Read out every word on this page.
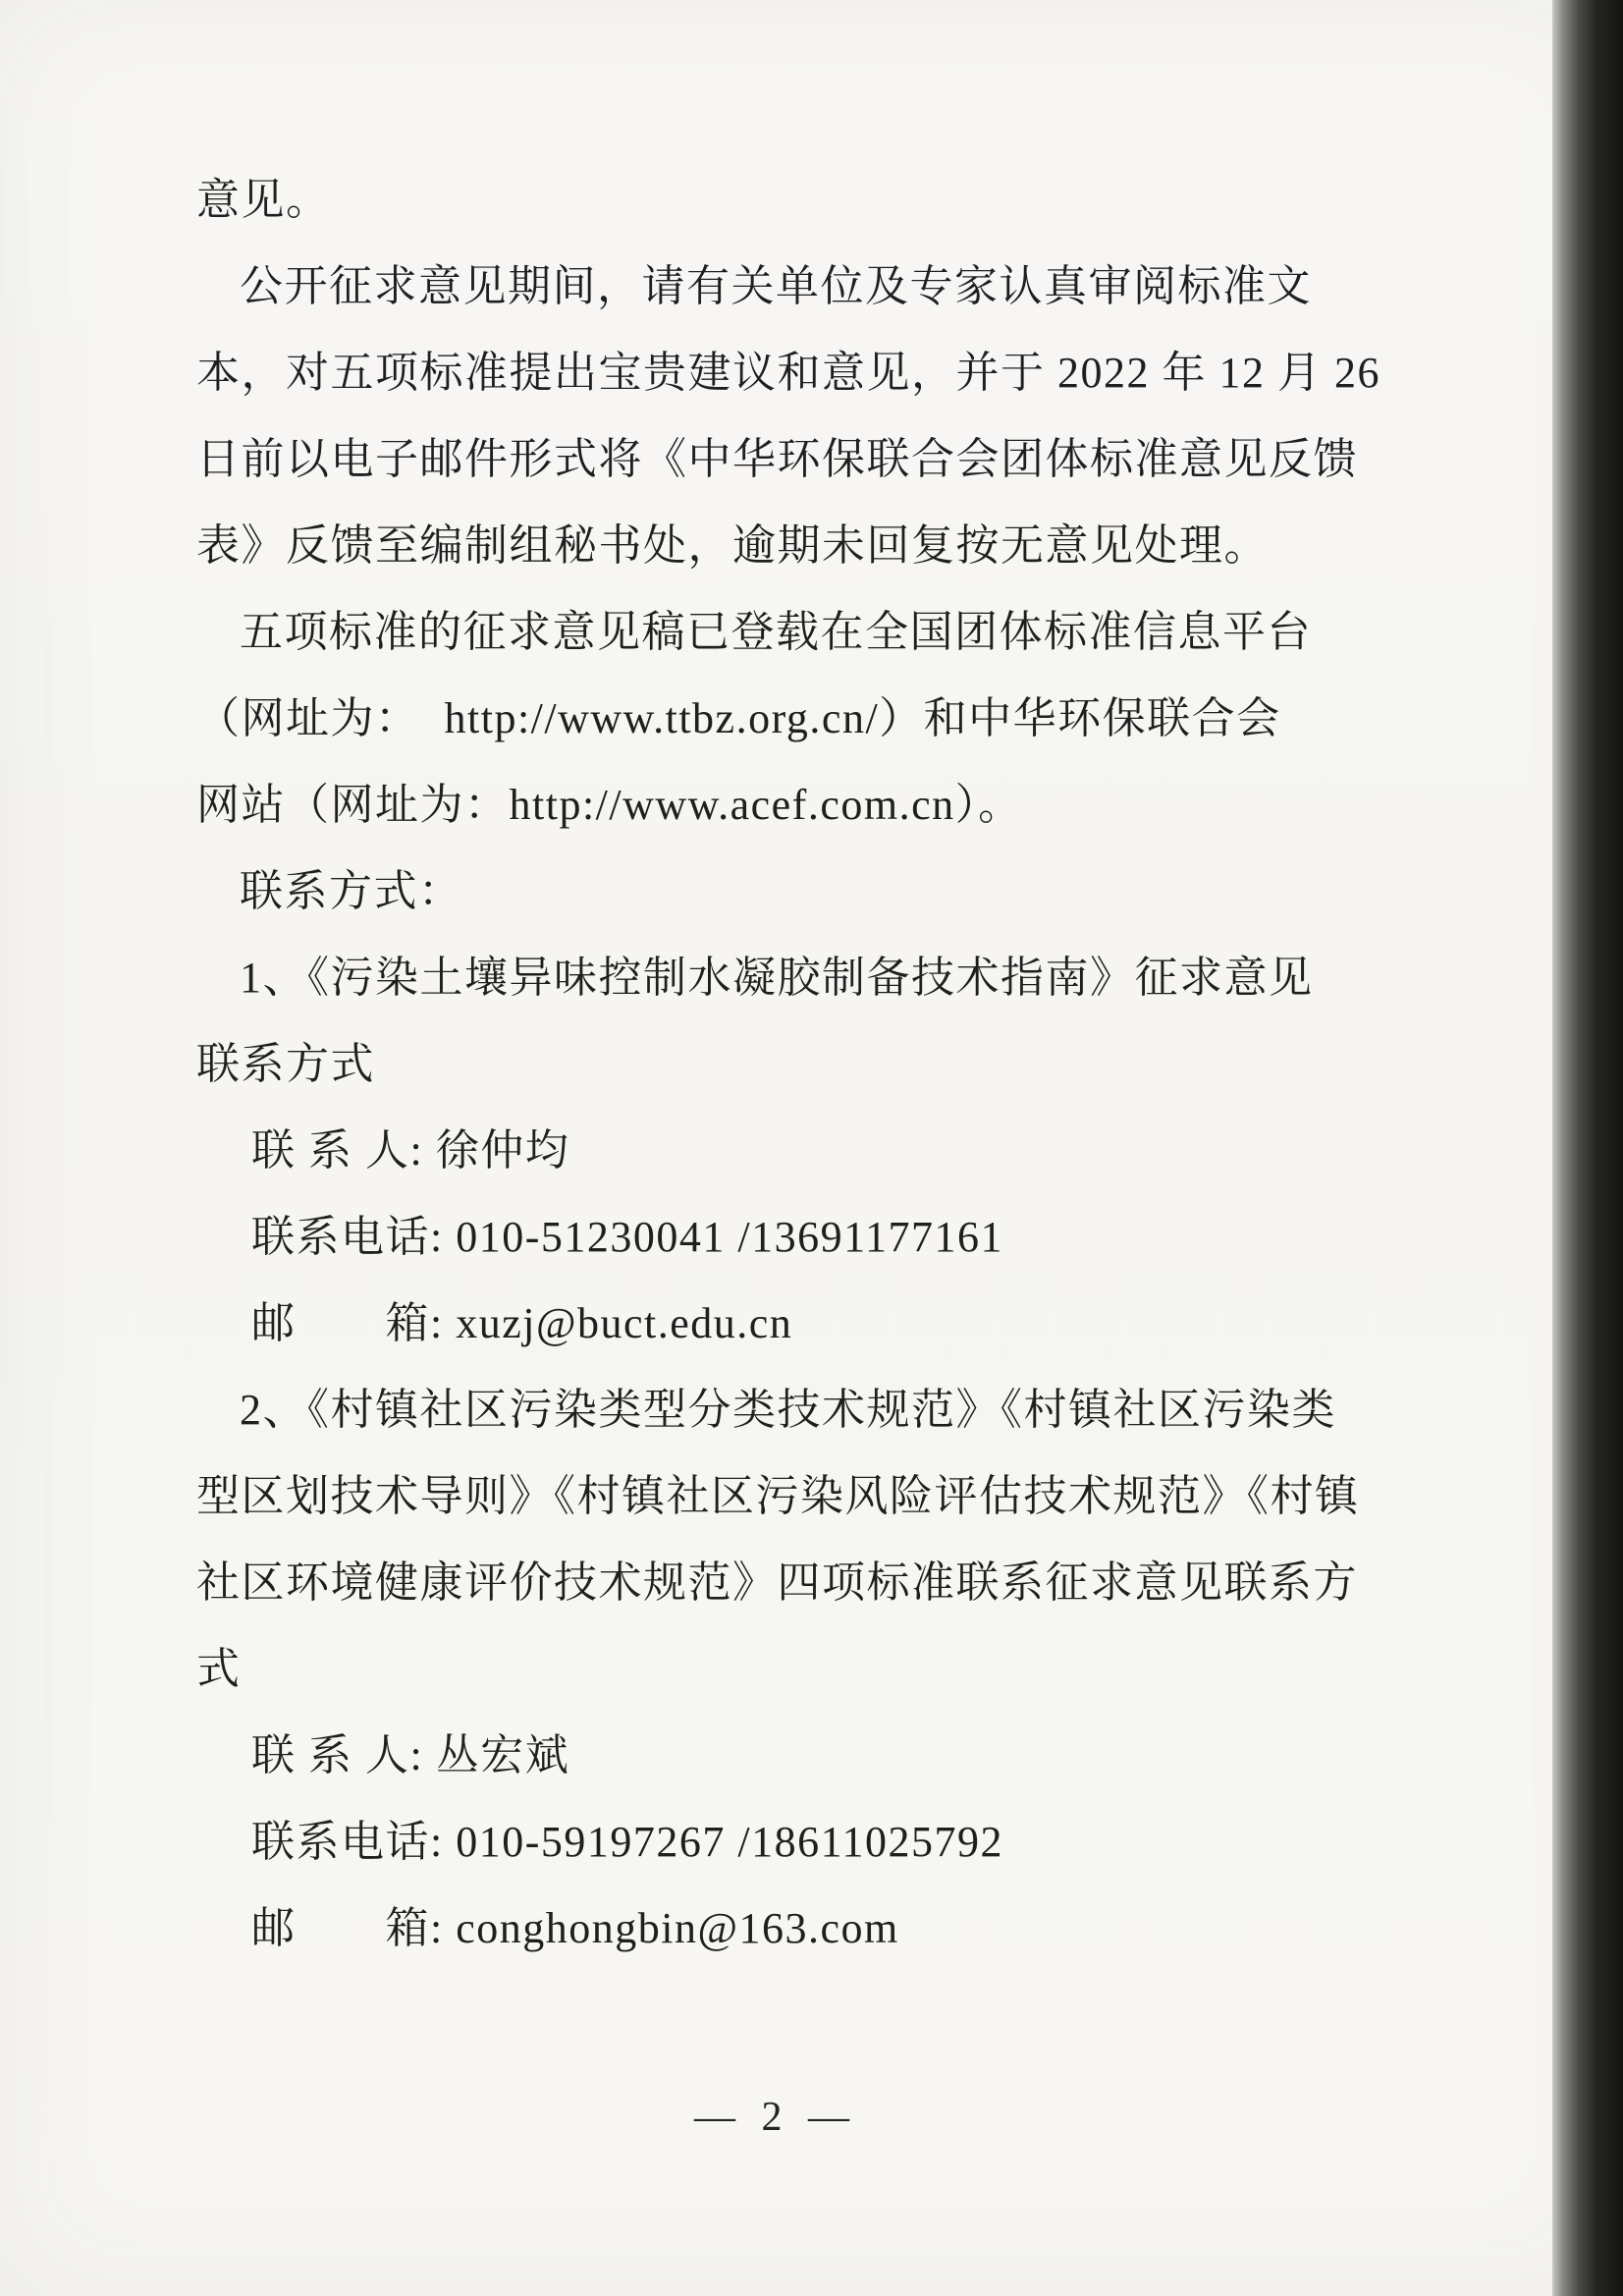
意见。
公开征求意见期间，请有关单位及专家认真审阅标准文
本，对五项标准提出宝贵建议和意见，并于 2022 年 12 月 26
日前以电子邮件形式将《中华环保联合会团体标准意见反馈
表》反馈至编制组秘书处，逾期未回复按无意见处理。
五项标准的征求意见稿已登载在全国团体标准信息平台
（网址为：  http://www.ttbz.org.cn/）和中华环保联合会
网站（网址为：http://www.acef.com.cn）。
联系方式：
1、《污染土壤异味控制水凝胶制备技术指南》征求意见
联系方式
联 系 人: 徐仲均
联系电话: 010-51230041 /13691177161
邮　　箱: xuzj@buct.edu.cn
2、《村镇社区污染类型分类技术规范》《村镇社区污染类
型区划技术导则》《村镇社区污染风险评估技术规范》《村镇
社区环境健康评价技术规范》四项标准联系征求意见联系方
式
联 系 人: 丛宏斌
联系电话: 010-59197267 /18611025792
邮　　箱: conghongbin@163.com
— 2 —
